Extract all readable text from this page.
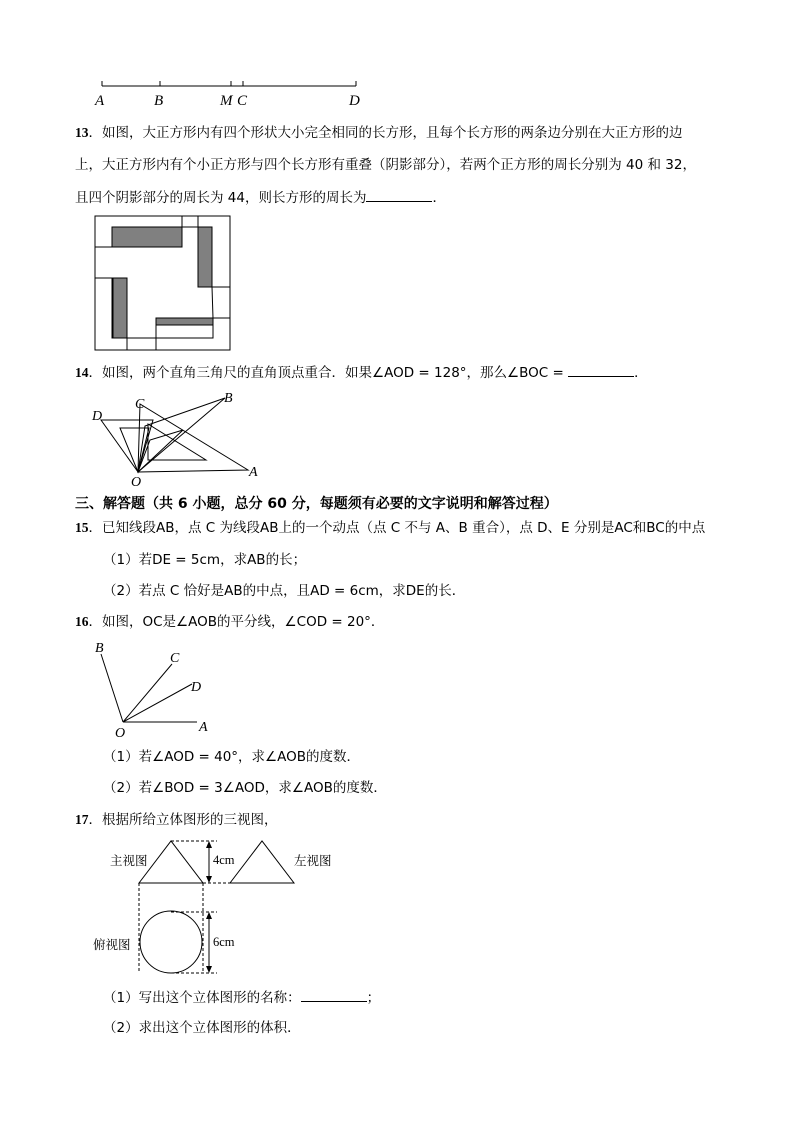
A	B	M C	D
13．如图，大正方形内有四个形状大小完全相同的长方形，且每个长方形的两条边分别在大正方形的边
上，大正方形内有个小正方形与四个长方形有重叠（阴影部分），若两个正方形的周长分别为 40 和 32，
且四个阴影部分的周长为 44，则长方形的周长为	．
14．如图，两个直角三角尺的直角顶点重合．如果∠AOD = 128°，那么∠BOC =	．
D
C	B
O
A
三、解答题（共 6 小题，总分 60 分，每题须有必要的文字说明和解答过程）
15．已知线段AB，点 C 为线段AB上的一个动点（点 C 不与 A、B 重合），点 D、E 分别是AC和BC的中点
（1）若DE = 5cm，求AB的长；
（2）若点 C 恰好是AB的中点，且AD = 6cm，求DE的长．
16．如图，OC是∠AOB的平分线，∠COD = 20°．
B
C
D
O	A
（1）若∠AOD = 40°，求∠AOB的度数．
（2）若∠BOD = 3∠AOD，求∠AOB的度数．
17．根据所给立体图形的三视图，
主视图	左视图
俯视图
4cm
6cm
（1）写出这个立体图形的名称：	；
（2）求出这个立体图形的体积．
